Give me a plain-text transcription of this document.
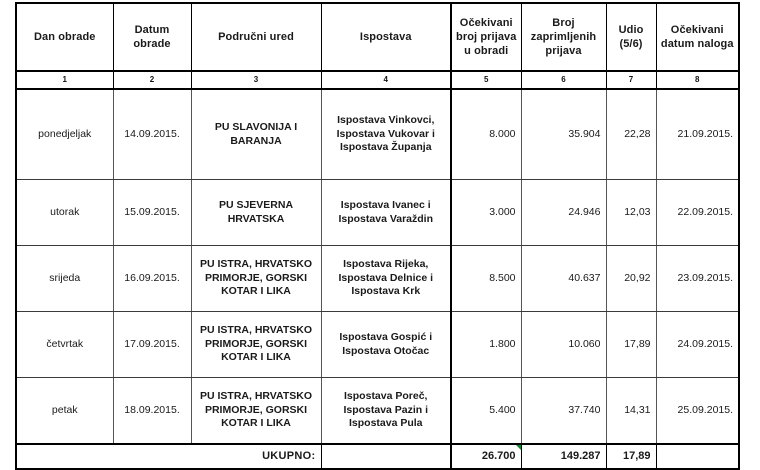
Dan obrade	Datum obrade	Područni ured	Ispostava	Očekivani broj prijava u obradi	Broj zaprimljenih prijava	Udio (5/6)	Očekivani datum naloga
1	2	3	4	5	6	7	8
ponedjeljak	14.09.2015.	PU SLAVONIJA I BARANJA	Ispostava Vinkovci, Ispostava Vukovar i Ispostava Županja	8.000	35.904	22,28	21.09.2015.
utorak	15.09.2015.	PU SJEVERNA HRVATSKA	Ispostava Ivanec i Ispostava Varaždin	3.000	24.946	12,03	22.09.2015.
srijeda	16.09.2015.	PU ISTRA, HRVATSKO PRIMORJE, GORSKI KOTAR I LIKA	Ispostava Rijeka, Ispostava Delnice i Ispostava Krk	8.500	40.637	20,92	23.09.2015.
četvrtak	17.09.2015.	PU ISTRA, HRVATSKO PRIMORJE, GORSKI KOTAR I LIKA	Ispostava Gospić i Ispostava Otočac	1.800	10.060	17,89	24.09.2015.
petak	18.09.2015.	PU ISTRA, HRVATSKO PRIMORJE, GORSKI KOTAR I LIKA	Ispostava Poreč, Ispostava Pazin i Ispostava Pula	5.400	37.740	14,31	25.09.2015.
UKUPNO:				26.700	149.287	17,89	
